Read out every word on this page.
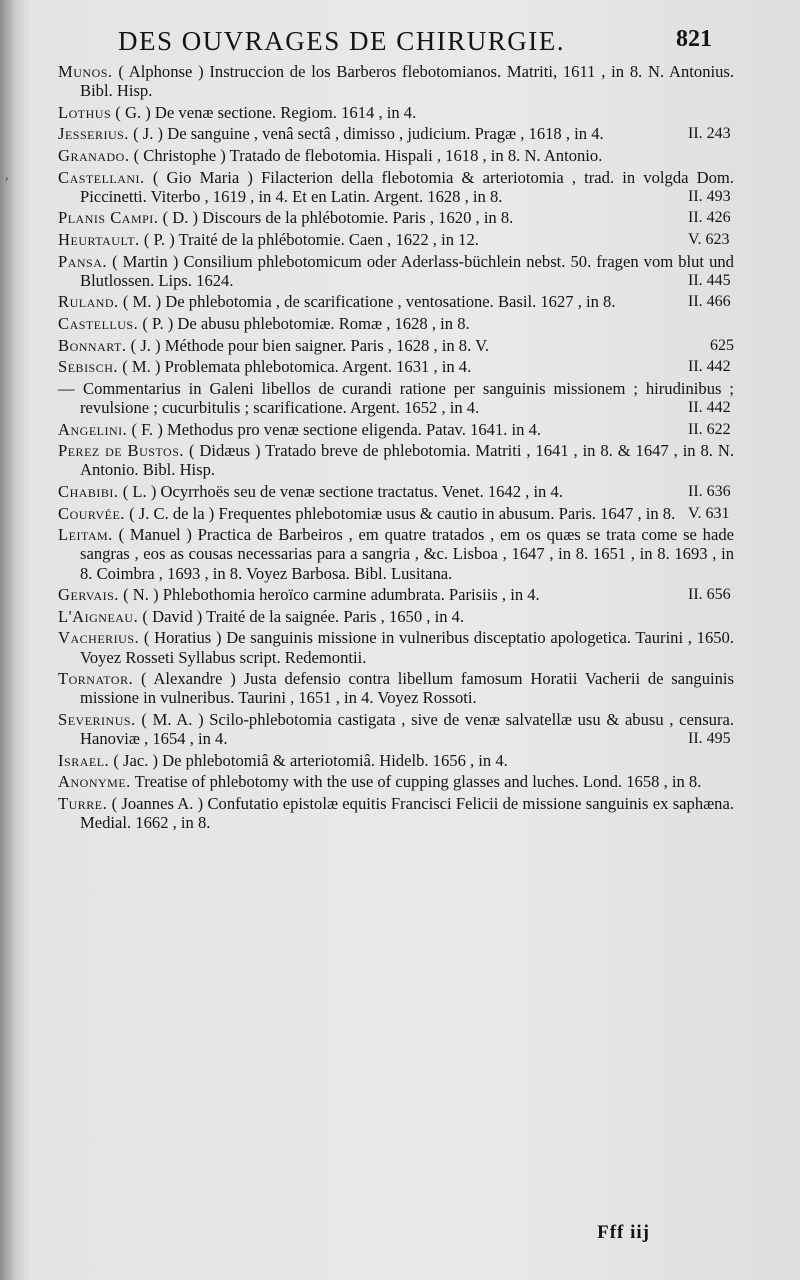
ʼ
DES OUVRAGES DE CHIRURGIE.	821

Munos. ( Alphonse ) Instruccion de los Barberos flebotomianos. Matriti, 1611 , in 8. N. Antonius. Bibl. Hisp.

Lothus ( G. ) De venæ sectione. Regiom. 1614 , in 4.

Jesserius. ( J. ) De sanguine , venâ sectâ , dimisso , judicium. Pragæ , 1618 , in 4.	II. 243

Granado. ( Christophe ) Tratado de flebotomia. Hispali , 1618 , in 8. N. Antonio.

Castellani. ( Gio Maria ) Filacterion della flebotomia & arteriotomia , trad. in volgda Dom. Piccinetti. Viterbo , 1619 , in 4. Et en Latin. Argent. 1628 , in 8.	II. 493

Planis Campi. ( D. ) Discours de la phlébotomie. Paris , 1620 , in 8.	II. 426

Heurtault. ( P. ) Traité de la phlébotomie. Caen , 1622 , in 12.	V. 623

Pansa. ( Martin ) Consilium phlebotomicum oder Aderlass-büchlein nebst. 50. fragen vom blut und Blutlossen. Lips. 1624.	II. 445

Ruland. ( M. ) De phlebotomia , de scarificatione , ventosatione. Basil. 1627 , in 8.	II. 466

Castellus. ( P. ) De abusu phlebotomiæ. Romæ , 1628 , in 8.

Bonnart. ( J. ) Méthode pour bien saigner. Paris , 1628 , in 8. V.	625

Sebisch. ( M. ) Problemata phlebotomica. Argent. 1631 , in 4.	II. 442

— Commentarius in Galeni libellos de curandi ratione per sanguinis missionem ; hirudinibus ; revulsione ; cucurbitulis ; scarificatione. Argent. 1652 , in 4.	II. 442

Angelini. ( F. ) Methodus pro venæ sectione eligenda. Patav. 1641. in 4.	II. 622

Perez de Bustos. ( Didæus ) Tratado breve de phlebotomia. Matriti , 1641 , in 8. & 1647 , in 8. N. Antonio. Bibl. Hisp.

Chabibi. ( L. ) Ocyrrhoës seu de venæ sectione tractatus. Venet. 1642 , in 4.	II. 636

Courvée. ( J. C. de la ) Frequentes phlebotomiæ usus & cautio in abusum. Paris. 1647 , in 8. V. 631

Leitam. ( Manuel ) Practica de Barbeiros , em quatre tratados , em os quæs se trata come se hade sangras , eos as cousas necessarias para a sangria , &c. Lisboa , 1647 , in 8. 1651 , in 8. 1693 , in 8. Coimbra , 1693 , in 8. Voyez Barbosa. Bibl. Lusitana.

Gervais. ( N. ) Phlebothomia heroïco carmine adumbrata. Parisiis , in 4.	II. 656

L'Aigneau. ( David ) Traité de la saignée. Paris , 1650 , in 4.

Vacherius. ( Horatius ) De sanguinis missione in vulneribus disceptatio apologetica. Taurini , 1650. Voyez Rosseti Syllabus script. Redemontii.

Tornator. ( Alexandre ) Justa defensio contra libellum famosum Horatii Vacherii de sanguinis missione in vulneribus. Taurini , 1651 , in 4. Voyez Rossoti.

Severinus. ( M. A. ) Scilo-phlebotomia castigata , sive de venæ salvatellæ usu & abusu , censura. Hanoviæ , 1654 , in 4.	II. 495

Israel. ( Jac. ) De phlebotomiâ & arteriotomiâ. Hidelb. 1656 , in 4.

Anonyme. Treatise of phlebotomy with the use of cupping glasses and luches. Lond. 1658 , in 8.

Turre. ( Joannes A. ) Confutatio epistolæ equitis Francisci Felicii de missione sanguinis ex saphæna. Medial. 1662 , in 8.

Fff iij
